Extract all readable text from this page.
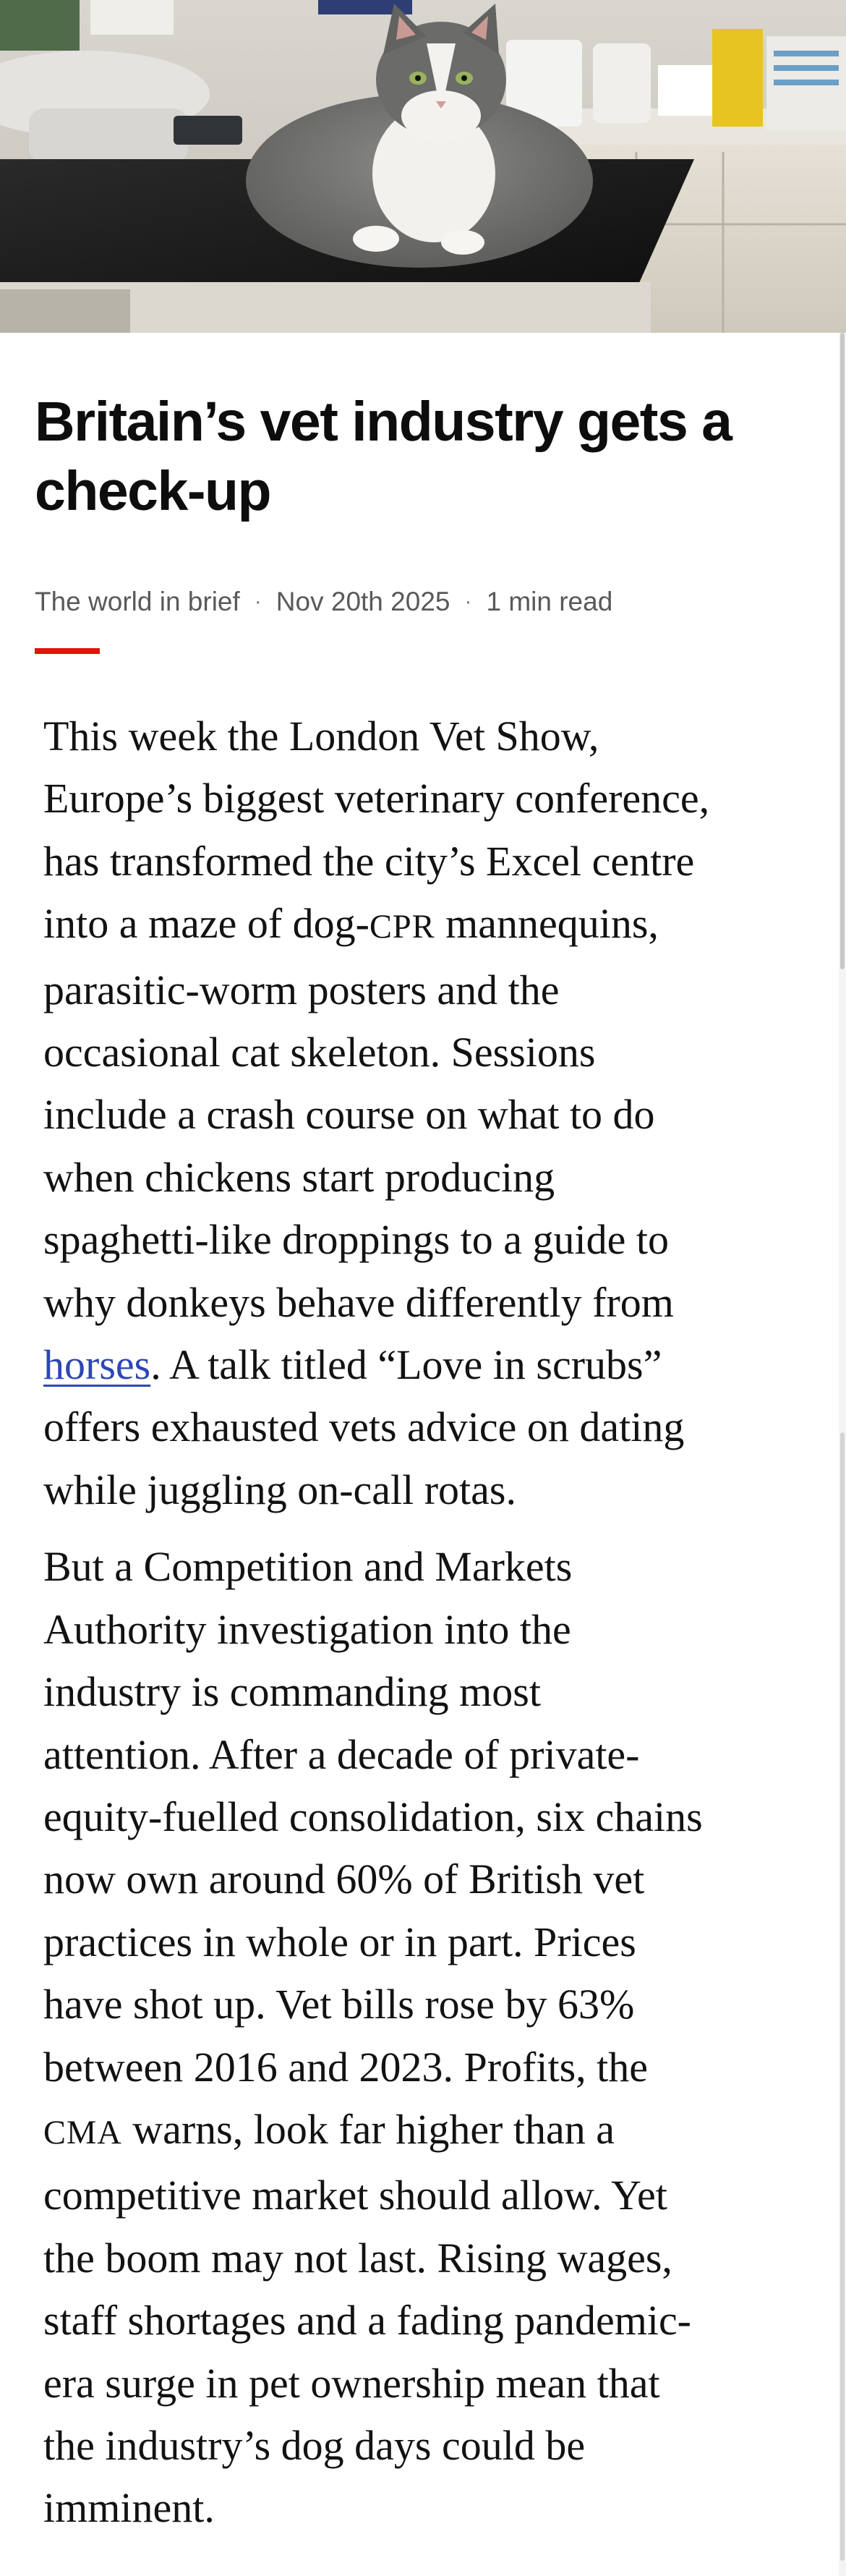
Britain’s vet industry gets a check-up
The world in brief · Nov 20th 2025 · 1 min read

This week the London Vet Show,
Europe’s biggest veterinary conference,
has transformed the city’s Excel centre
into a maze of dog-CPR mannequins,
parasitic-worm posters and the
occasional cat skeleton. Sessions
include a crash course on what to do
when chickens start producing
spaghetti-like droppings to a guide to
why donkeys behave differently from
horses. A talk titled “Love in scrubs”
offers exhausted vets advice on dating
while juggling on-call rotas.

But a Competition and Markets
Authority investigation into the
industry is commanding most
attention. After a decade of private-
equity-fuelled consolidation, six chains
now own around 60% of British vet
practices in whole or in part. Prices
have shot up. Vet bills rose by 63%
between 2016 and 2023. Profits, the
CMA warns, look far higher than a
competitive market should allow. Yet
the boom may not last. Rising wages,
staff shortages and a fading pandemic-
era surge in pet ownership mean that
the industry’s dog days could be
imminent.
